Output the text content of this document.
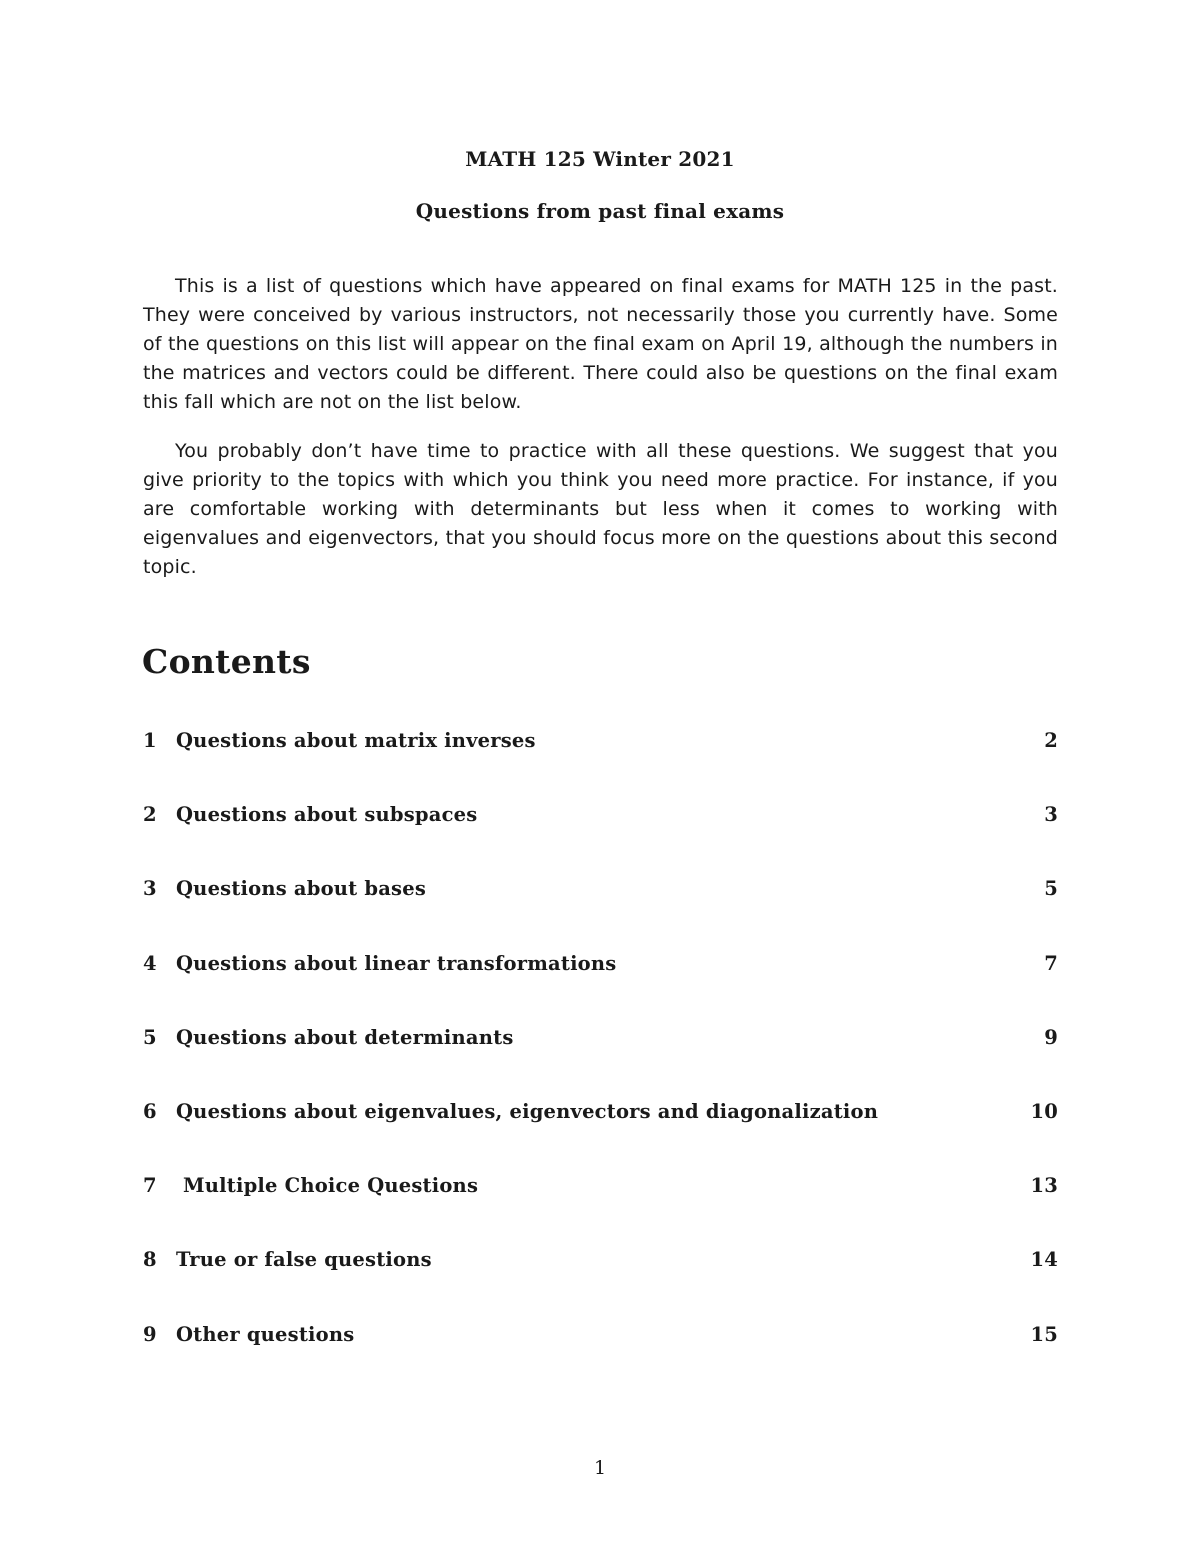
MATH 125 Winter 2021
Questions from past final exams

This is a list of questions which have appeared on final exams for MATH 125 in the past. They were conceived by various instructors, not necessarily those you currently have. Some of the questions on this list will appear on the final exam on April 19, although the numbers in the matrices and vectors could be different. There could also be questions on the final exam this fall which are not on the list below.

You probably don’t have time to practice with all these questions. We suggest that you give priority to the topics with which you think you need more practice. For instance, if you are comfortable working with determinants but less when it comes to working with eigenvalues and eigenvectors, that you should focus more on the questions about this second topic.

Contents
1 Questions about matrix inverses	2
2 Questions about subspaces	3
3 Questions about bases	5
4 Questions about linear transformations	7
5 Questions about determinants	9
6 Questions about eigenvalues, eigenvectors and diagonalization	10
7 Multiple Choice Questions	13
8 True or false questions	14
9 Other questions	15
1
